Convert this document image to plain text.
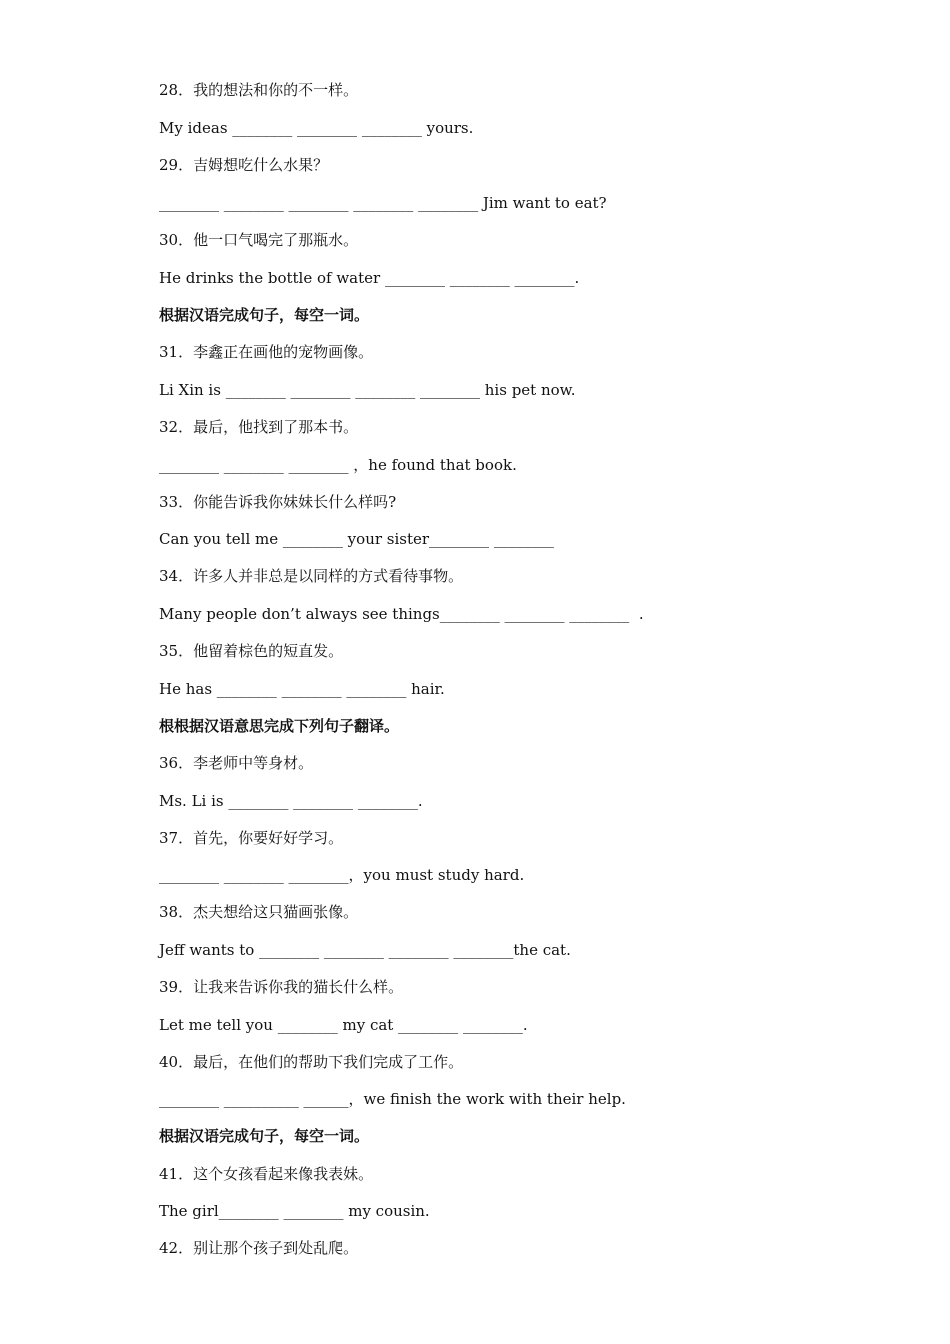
28．我的想法和你的不一样。
My ideas ________ ________ ________ yours.
29．吉姆想吃什么水果？
________ ________ ________ ________ ________ Jim want to eat?
30．他一口气喝完了那瓶水。
He drinks the bottle of water ________ ________ ________.
根据汉语完成句子，每空一词。
31．李鑫正在画他的宠物画像。
Li Xin is ________ ________ ________ ________ his pet now.
32．最后，他找到了那本书。
________ ________ ________ ，he found that book.
33．你能告诉我你妹妹长什么样吗?
Can you tell me ________ your sister________ ________
34．许多人并非总是以同样的方式看待事物。
Many people don’t always see things________ ________ ________  .
35．他留着棕色的短直发。
He has ________ ________ ________ hair.
根根据汉语意思完成下列句子翻译。
36．李老师中等身材。
Ms. Li is ________ ________ ________.
37．首先，你要好好学习。
________ ________ ________，you must study hard.
38．杰夫想给这只猫画张像。
Jeff wants to ________ ________ ________ ________the cat.
39．让我来告诉你我的猫长什么样。
Let me tell you ________ my cat ________ ________.
40．最后，在他们的帮助下我们完成了工作。
________ __________ ______，we finish the work with their help.
根据汉语完成句子，每空一词。
41．这个女孩看起来像我表妹。
The girl________ ________ my cousin.
42．别让那个孩子到处乱爬。
